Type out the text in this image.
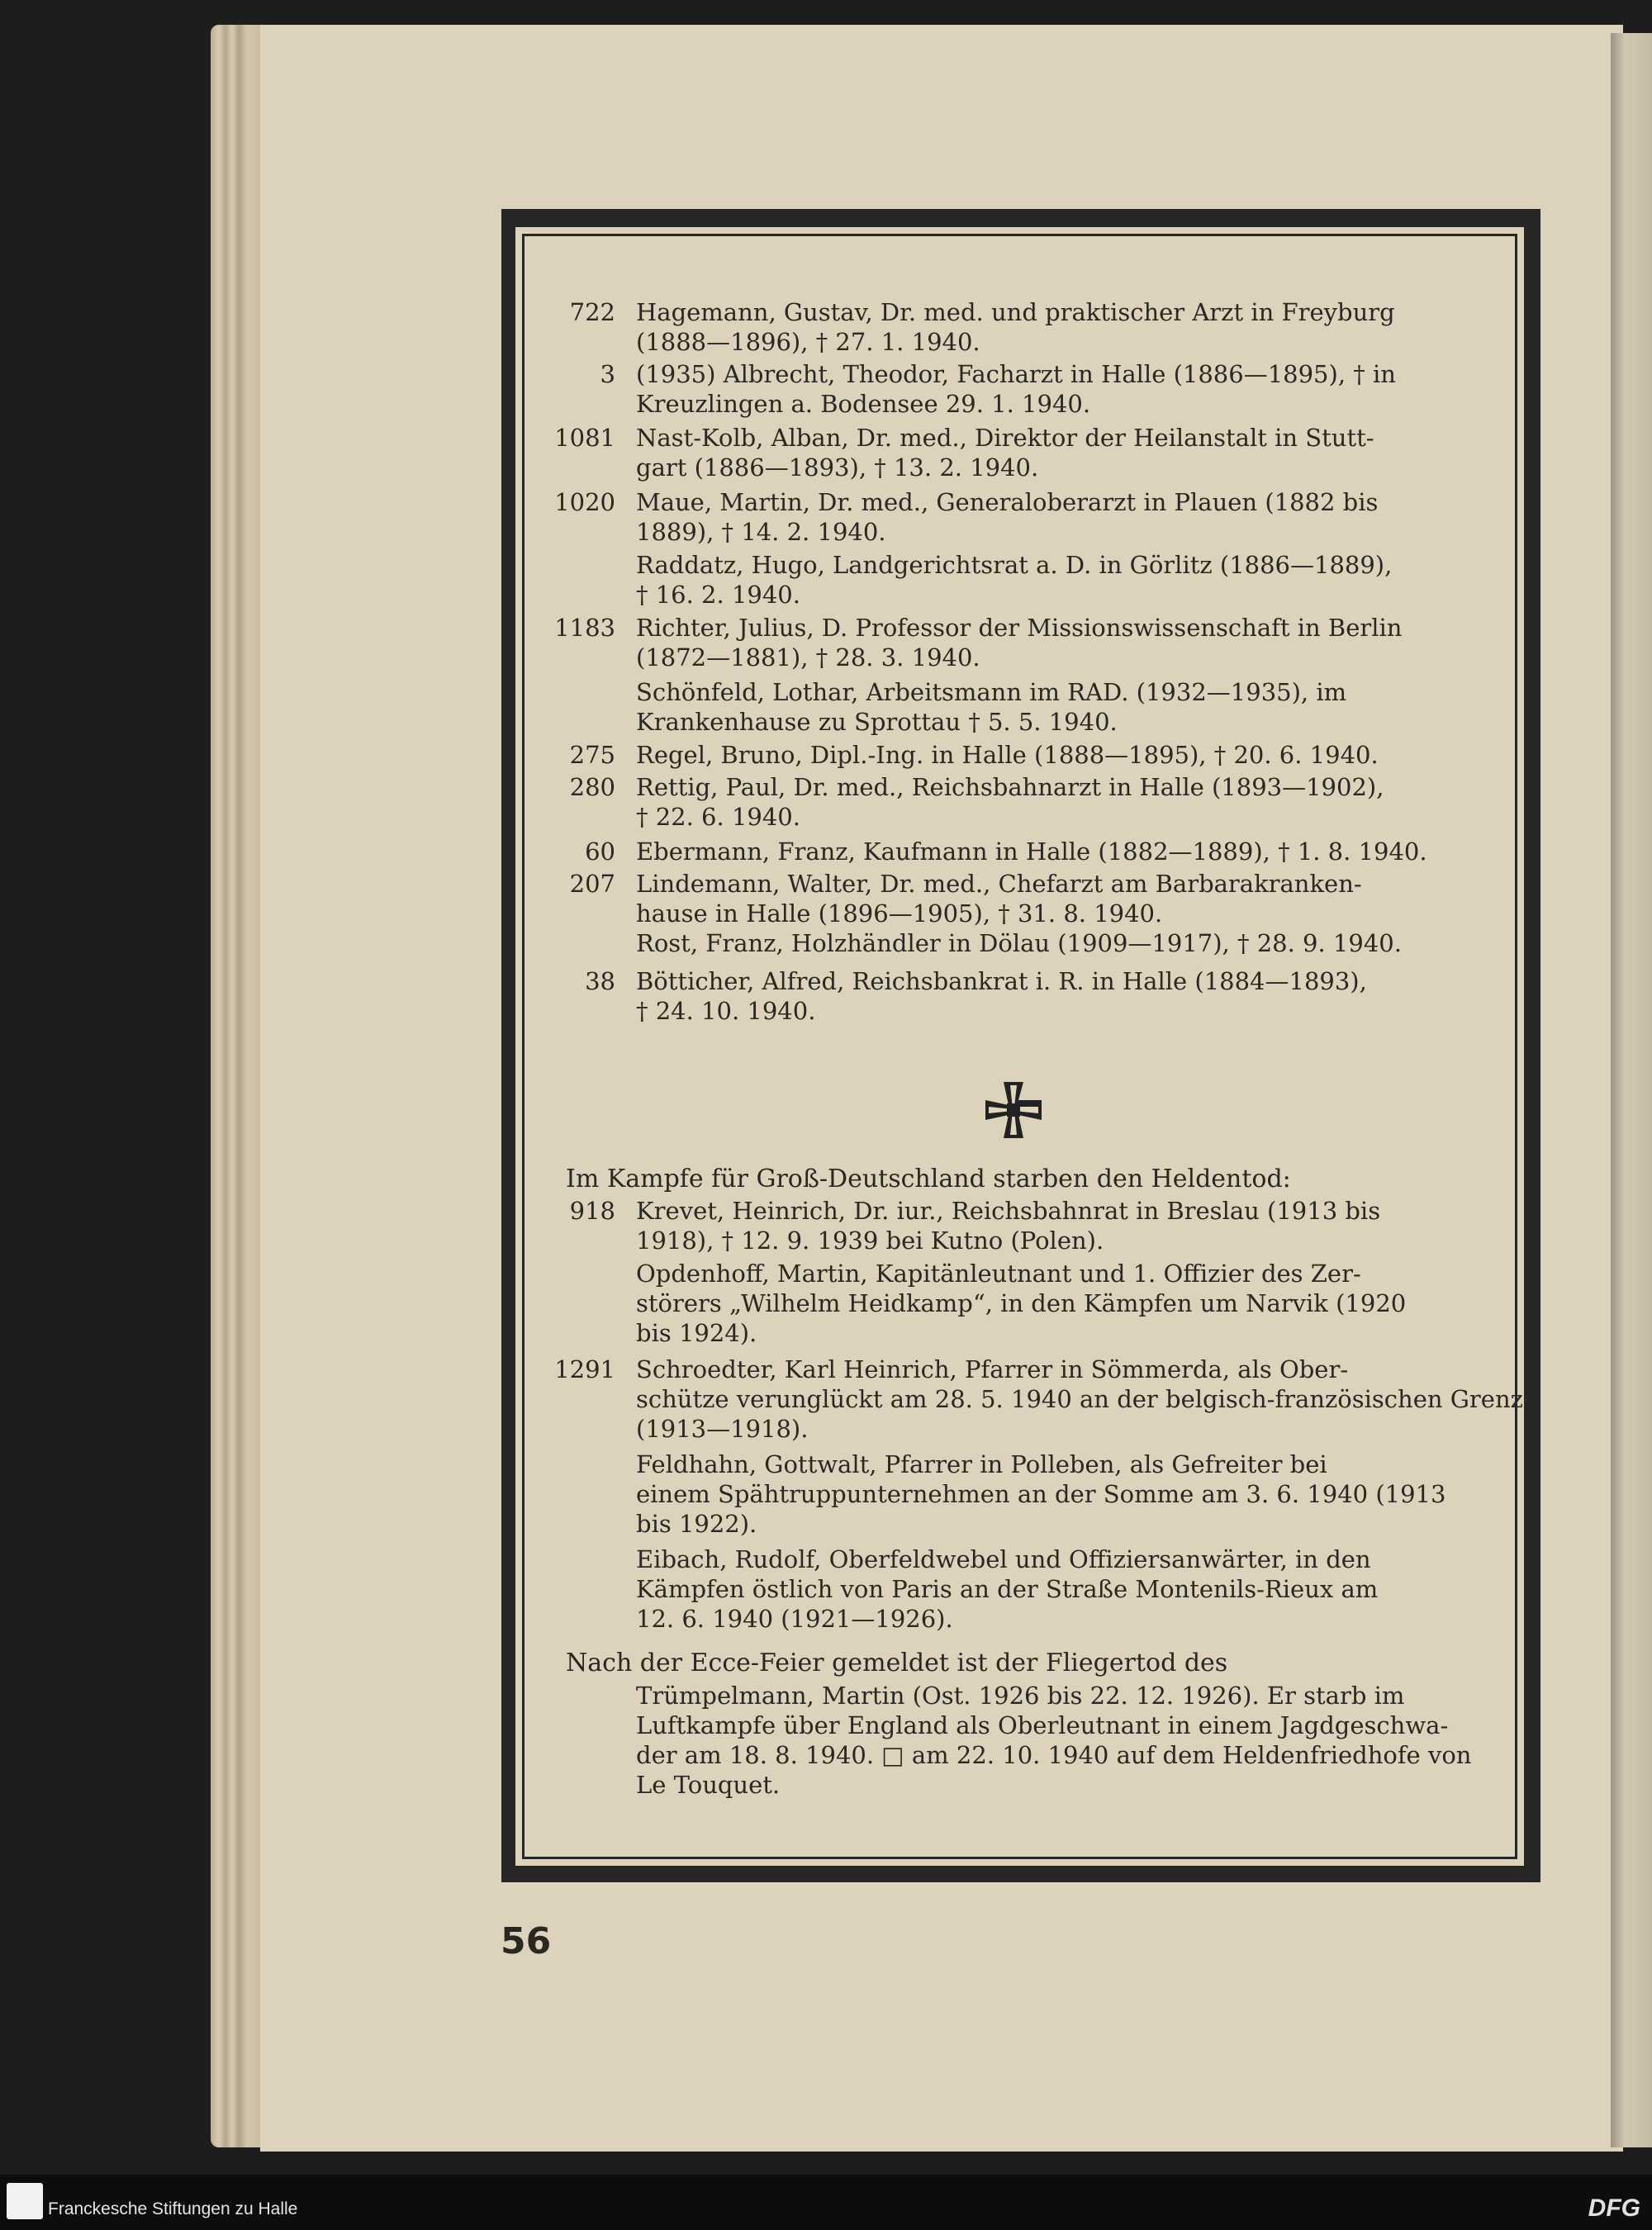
722 Hagemann, Gustav, Dr. med. und praktischer Arzt in Freyburg
(1888—1896), † 27. 1. 1940.
3 (1935) Albrecht, Theodor, Facharzt in Halle (1886—1895), † in
Kreuzlingen a. Bodensee 29. 1. 1940.
1081 Nast-Kolb, Alban, Dr. med., Direktor der Heilanstalt in Stutt-
gart (1886—1893), † 13. 2. 1940.
1020 Maue, Martin, Dr. med., Generaloberarzt in Plauen (1882 bis
1889), † 14. 2. 1940.
Raddatz, Hugo, Landgerichtsrat a. D. in Görlitz (1886—1889),
† 16. 2. 1940.
1183 Richter, Julius, D. Professor der Missionswissenschaft in Berlin
(1872—1881), † 28. 3. 1940.
Schönfeld, Lothar, Arbeitsmann im RAD. (1932—1935), im
Krankenhause zu Sprottau † 5. 5. 1940.
275 Regel, Bruno, Dipl.-Ing. in Halle (1888—1895), † 20. 6. 1940.
280 Rettig, Paul, Dr. med., Reichsbahnarzt in Halle (1893—1902),
† 22. 6. 1940.
60 Ebermann, Franz, Kaufmann in Halle (1882—1889), † 1. 8. 1940.
207 Lindemann, Walter, Dr. med., Chefarzt am Barbarakranken-
hause in Halle (1896—1905), † 31. 8. 1940.
Rost, Franz, Holzhändler in Dölau (1909—1917), † 28. 9. 1940.
38 Bötticher, Alfred, Reichsbankrat i. R. in Halle (1884—1893),
† 24. 10. 1940.
Im Kampfe für Groß-Deutschland starben den Heldentod:
918 Krevet, Heinrich, Dr. iur., Reichsbahnrat in Breslau (1913 bis
1918), † 12. 9. 1939 bei Kutno (Polen).
Opdenhoff, Martin, Kapitänleutnant und 1. Offizier des Zer-
störers „Wilhelm Heidkamp“, in den Kämpfen um Narvik (1920
bis 1924).
1291 Schroedter, Karl Heinrich, Pfarrer in Sömmerda, als Ober-
schütze verunglückt am 28. 5. 1940 an der belgisch-französischen Grenze
(1913—1918).
Feldhahn, Gottwalt, Pfarrer in Polleben, als Gefreiter bei
einem Spähtruppunternehmen an der Somme am 3. 6. 1940 (1913
bis 1922).
Eibach, Rudolf, Oberfeldwebel und Offiziersanwärter, in den
Kämpfen östlich von Paris an der Straße Montenils-Rieux am
12. 6. 1940 (1921—1926).
Nach der Ecce-Feier gemeldet ist der Fliegertod des
Trümpelmann, Martin (Ost. 1926 bis 22. 12. 1926). Er starb im
Luftkampfe über England als Oberleutnant in einem Jagdgeschwa-
der am 18. 8. 1940. □ am 22. 10. 1940 auf dem Heldenfriedhofe von
Le Touquet.
56
Franckesche Stiftungen zu Halle	DFG
